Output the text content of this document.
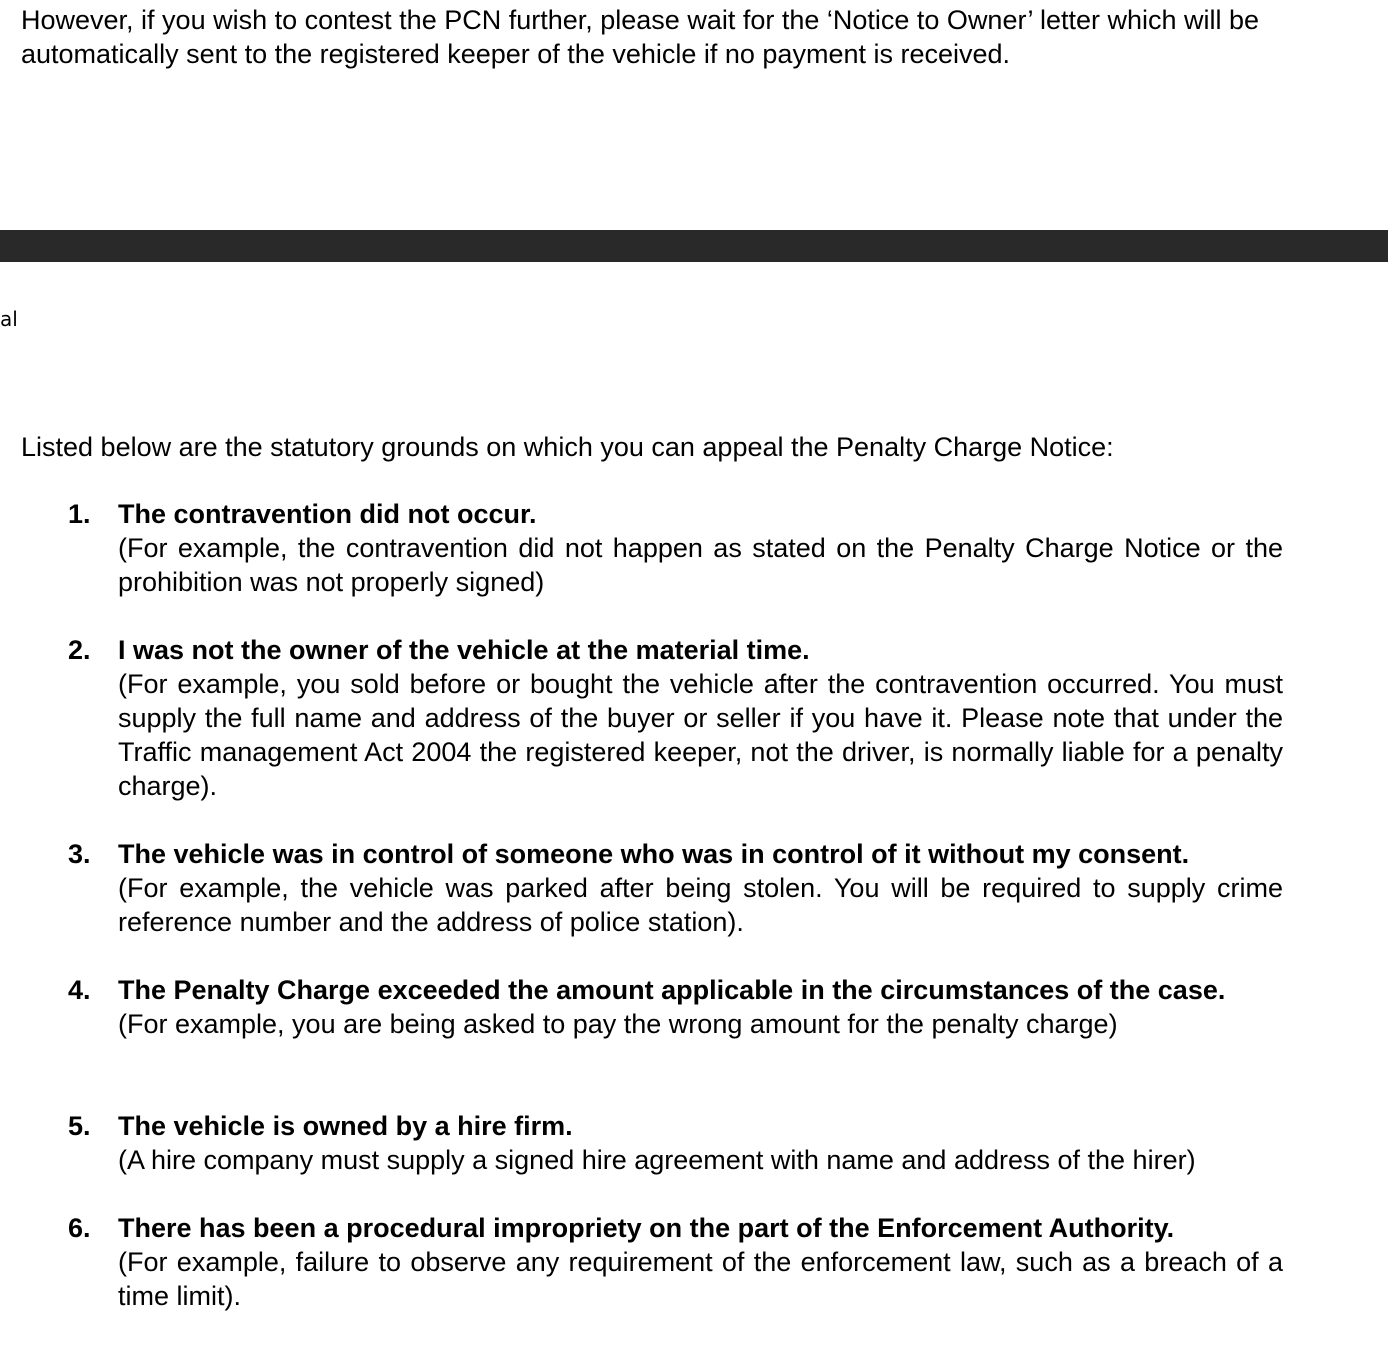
However, if you wish to contest the PCN further, please wait for the ‘Notice to Owner’ letter which will be automatically sent to the registered keeper of the vehicle if no payment is received.

al

Listed below are the statutory grounds on which you can appeal the Penalty Charge Notice:

1.	The contravention did not occur.
(For example, the contravention did not happen as stated on the Penalty Charge Notice or the prohibition was not properly signed)
2.	I was not the owner of the vehicle at the material time.
(For example, you sold before or bought the vehicle after the contravention occurred. You must supply the full name and address of the buyer or seller if you have it. Please note that under the Traffic management Act 2004 the registered keeper, not the driver, is normally liable for a penalty charge).
3.	The vehicle was in control of someone who was in control of it without my consent.
(For example, the vehicle was parked after being stolen. You will be required to supply crime reference number and the address of police station).
4.	The Penalty Charge exceeded the amount applicable in the circumstances of the case.
(For example, you are being asked to pay the wrong amount for the penalty charge)
5.	The vehicle is owned by a hire firm.
(A hire company must supply a signed hire agreement with name and address of the hirer)
6.	There has been a procedural impropriety on the part of the Enforcement Authority.
(For example, failure to observe any requirement of the enforcement law, such as a breach of a time limit).
